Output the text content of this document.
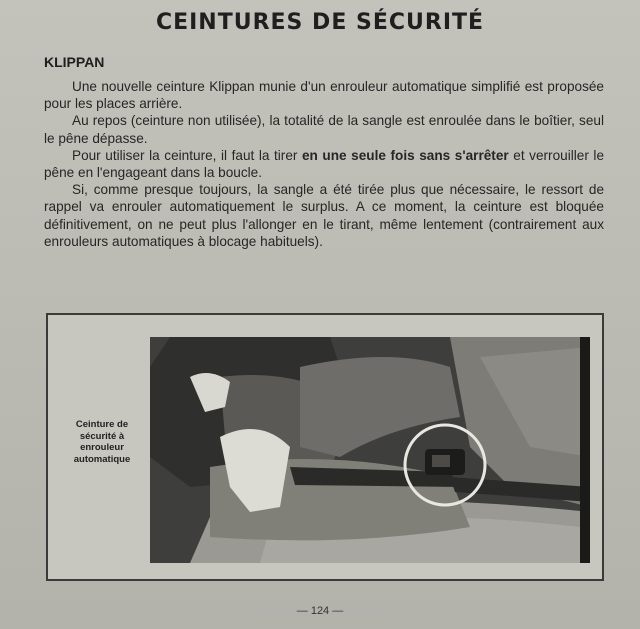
CEINTURES DE SÉCURITÉ
KLIPPAN

Une nouvelle ceinture Klippan munie d'un enrouleur automatique simplifié est proposée pour les places arrière.

Au repos (ceinture non utilisée), la totalité de la sangle est enroulée dans le boîtier, seul le pêne dépasse.

Pour utiliser la ceinture, il faut la tirer en une seule fois sans s'arrêter et verrouiller le pêne en l'engageant dans la boucle.

Si, comme presque toujours, la sangle a été tirée plus que nécessaire, le ressort de rappel va enrouler automatiquement le surplus. A ce moment, la ceinture est bloquée définitivement, on ne peut plus l'allonger en le tirant, même lentement (contrairement aux enrouleurs automatiques à blocage habituels).

Ceinture de sécurité à enrouleur automatique
— 124 —
